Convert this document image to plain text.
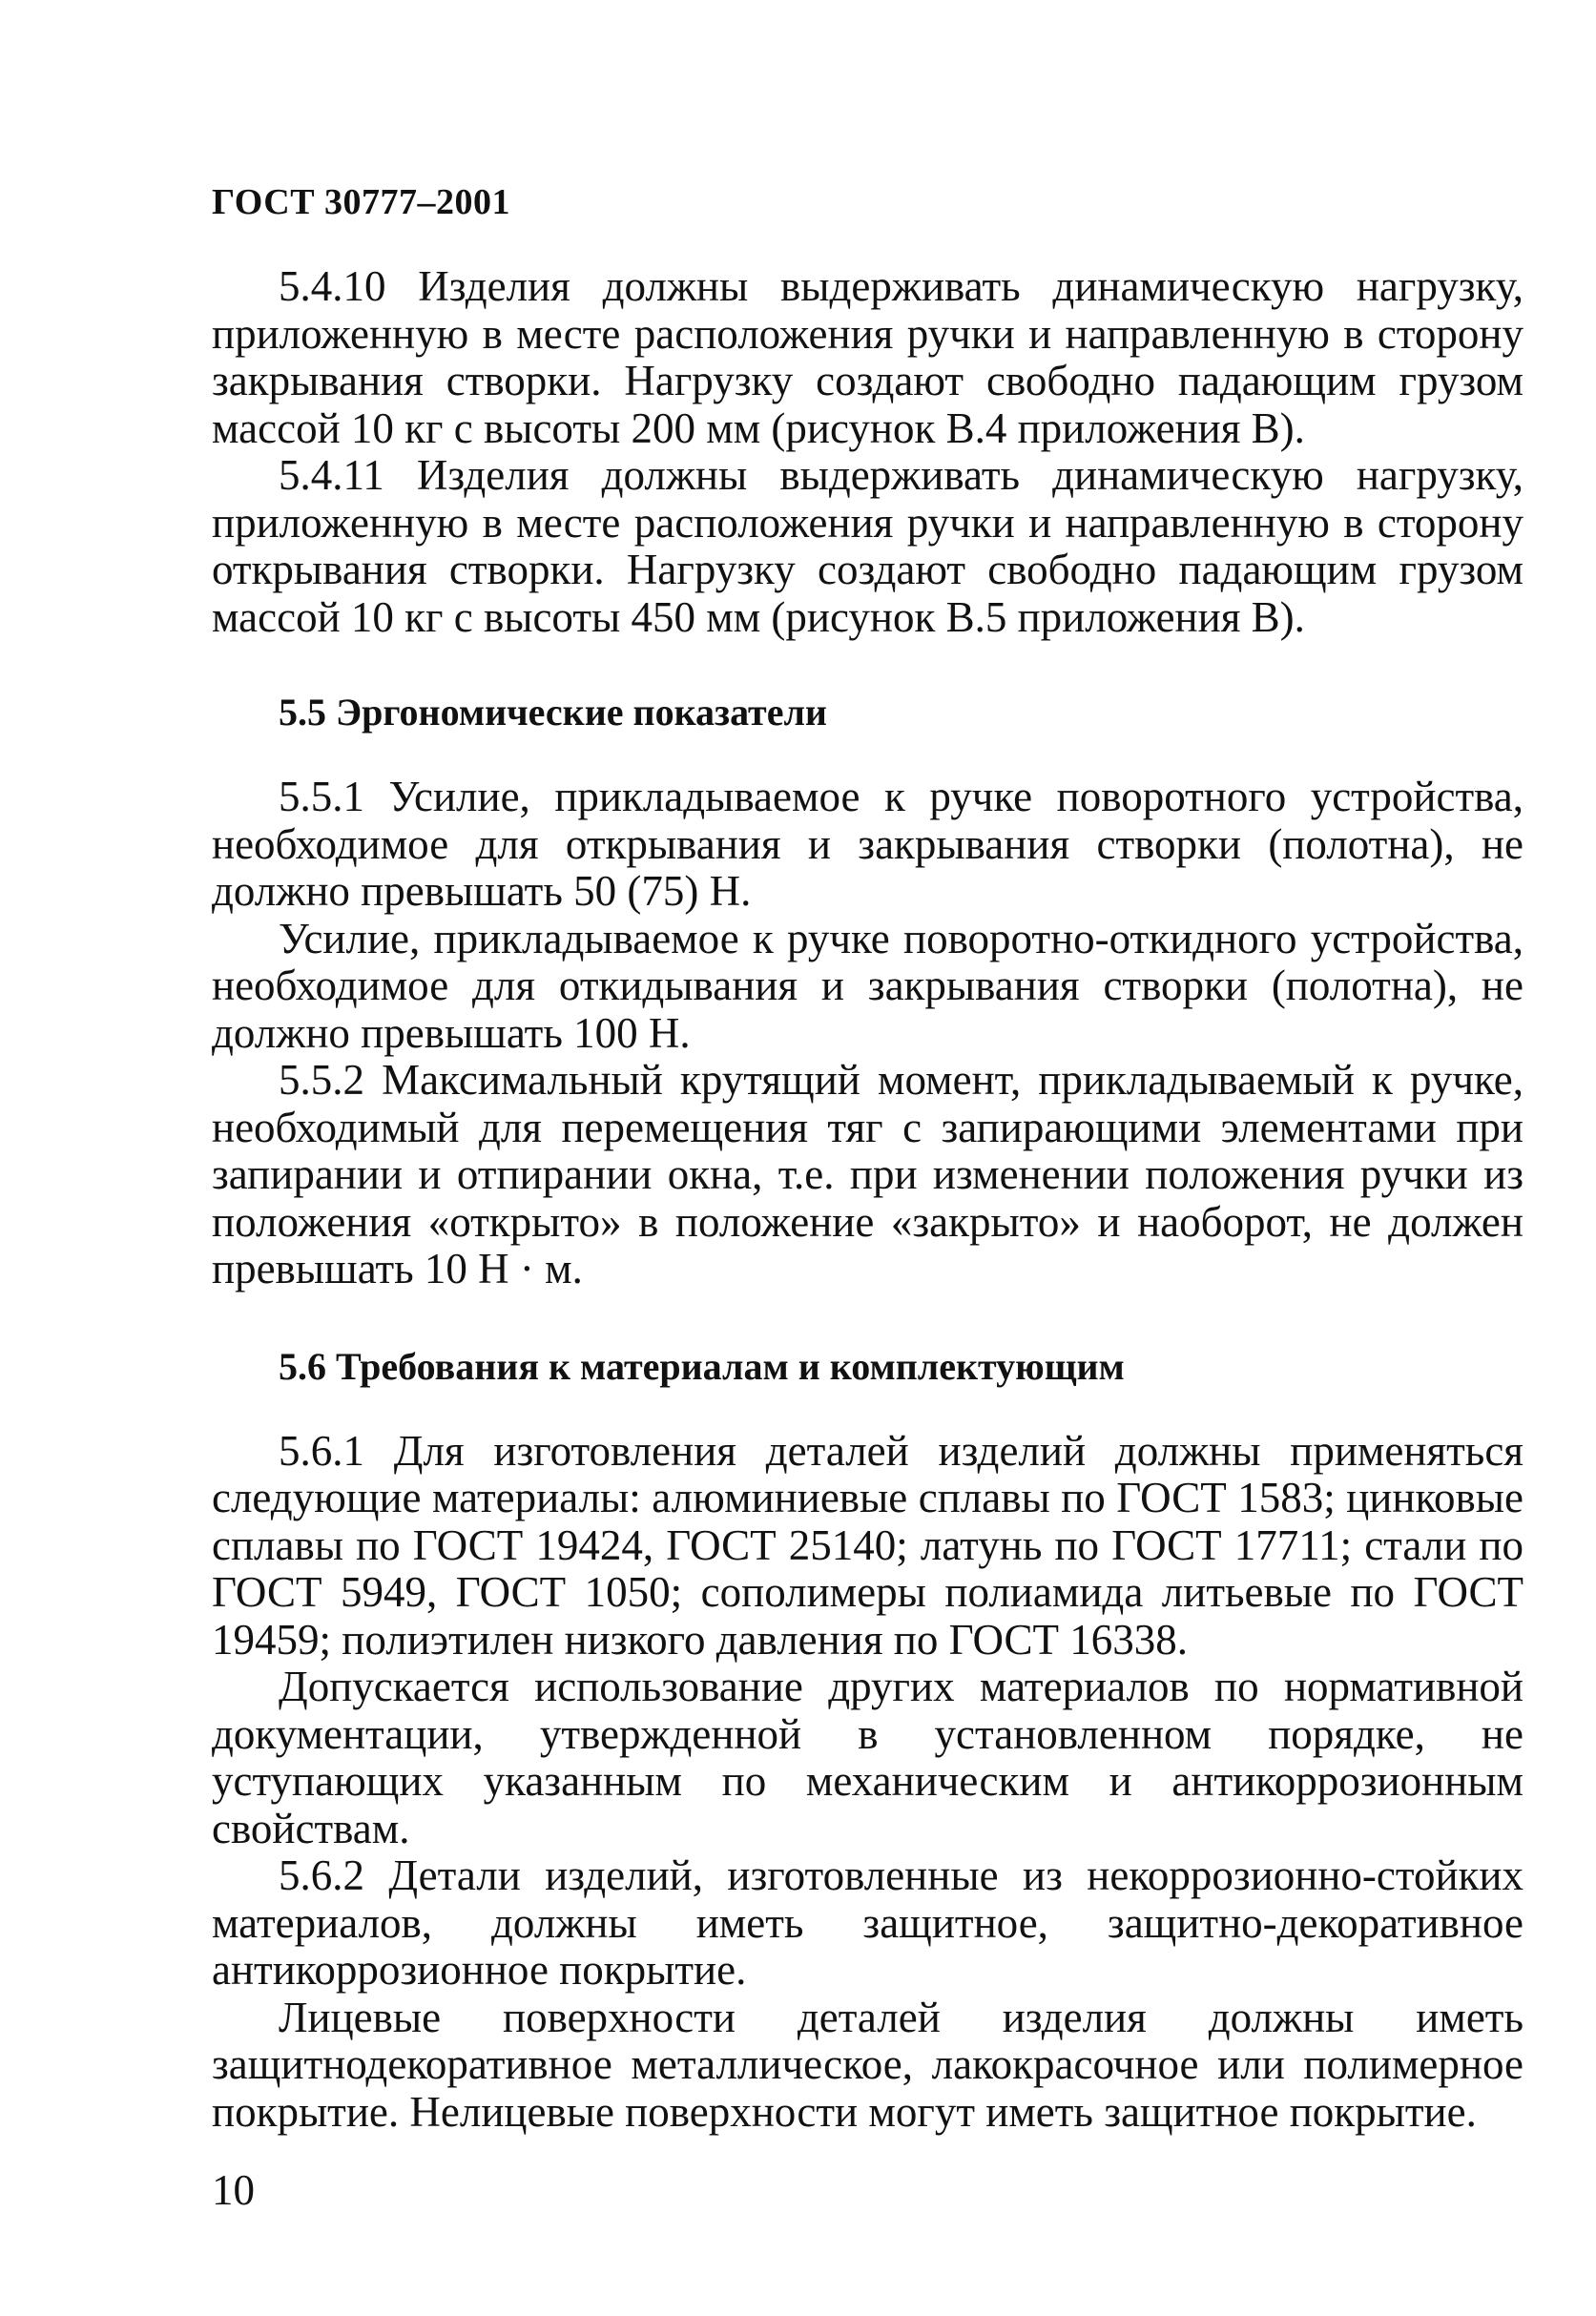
ГОСТ 30777–2001

5.4.10 Изделия должны выдерживать динамическую нагрузку, приложенную в месте расположения ручки и направленную в сторону закрывания створки. Нагрузку создают свободно падающим грузом массой 10 кг с высоты 200 мм (рисунок В.4 приложения В).

5.4.11 Изделия должны выдерживать динамическую нагрузку, приложенную в месте расположения ручки и направленную в сторону открывания створки. Нагрузку создают свободно падающим грузом массой 10 кг с высоты 450 мм (рисунок В.5 приложения В).

5.5 Эргономические показатели

5.5.1 Усилие, прикладываемое к ручке поворотного устройства, необходимое для открывания и закрывания створки (полотна), не должно превышать 50 (75) Н.

Усилие, прикладываемое к ручке поворотно-откидного устройства, необходимое для откидывания и закрывания створки (полотна), не должно превышать 100 Н.

5.5.2 Максимальный крутящий момент, прикладываемый к ручке, необходимый для перемещения тяг с запирающими элементами при запирании и отпирании окна, т.е. при изменении положения ручки из положения «открыто» в положение «закрыто» и наоборот, не должен превышать 10 Н · м.

5.6 Требования к материалам и комплектующим

5.6.1 Для изготовления деталей изделий должны применяться следующие материалы: алюминиевые сплавы по ГОСТ 1583; цинковые сплавы по ГОСТ 19424, ГОСТ 25140; латунь по ГОСТ 17711; стали по ГОСТ 5949, ГОСТ 1050; сополимеры полиамида литьевые по ГОСТ 19459; полиэтилен низкого давления по ГОСТ 16338.

Допускается использование других материалов по нормативной документации, утвержденной в установленном порядке, не уступающих указанным по механическим и антикоррозионным свойствам.

5.6.2 Детали изделий, изготовленные из некоррозионно-стойких материалов, должны иметь защитное, защитно-декоративное антикоррозионное покрытие.

Лицевые поверхности деталей изделия должны иметь защитнодекоративное металлическое, лакокрасочное или полимерное покрытие. Нелицевые поверхности могут иметь защитное покрытие.

10
